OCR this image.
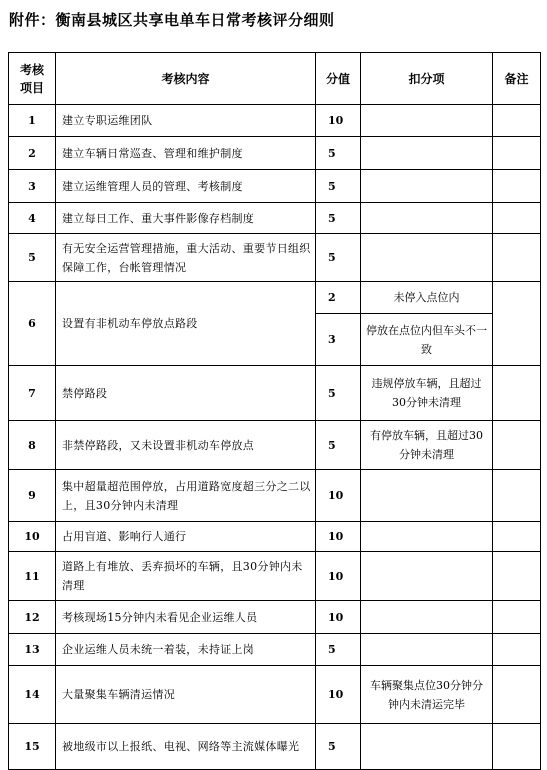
附件：衡南县城区共享电单车日常考核评分细则
考核
项目	考核内容	分值	扣分项	备注
1	建立专职运维团队	10		
2	建立车辆日常巡查、管理和维护制度	5		
3	建立运维管理人员的管理、考核制度	5		
4	建立每日工作、重大事件影像存档制度	5		
5	有无安全运营管理措施，重大活动、重要节日组织保障工作，台帐管理情况	5		
6	设置有非机动车停放点路段	2	未停入点位内	
		3	停放在点位内但车头不一致	
7	禁停路段	5	违规停放车辆，且超过30分钟未清理	
8	非禁停路段，又未设置非机动车停放点	5	有停放车辆，且超过30分钟未清理	
9	集中超量超范围停放，占用道路宽度超三分之二以上，且30分钟内未清理	10		
10	占用盲道、影响行人通行	10		
11	道路上有堆放、丢弃损坏的车辆，且30分钟内未清理	10		
12	考核现场15分钟内未看见企业运维人员	10		
13	企业运维人员未统一着装，未持证上岗	5		
14	大量聚集车辆清运情况	10	车辆聚集点位30分钟分钟内未清运完毕	
15	被地级市以上报纸、电视、网络等主流媒体曝光	5		
